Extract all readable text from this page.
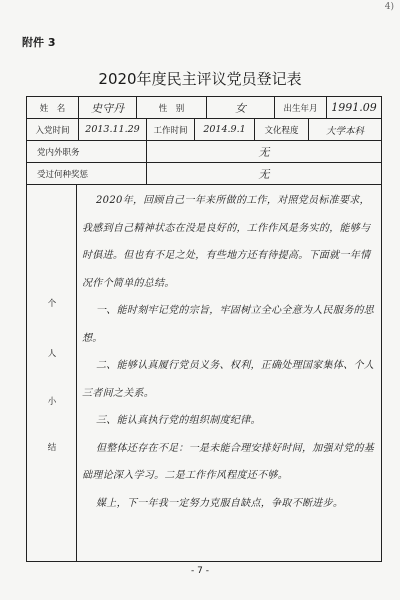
4)
附件 3
2020年度民主评议党员登记表
姓　名	史守丹	性　别	女	出生年月	1991.09
入党时间	2013.11.29	工作时间	2014.9.1	文化程度	大学本科
党内外职务	无
受过何种奖惩	无
个
人
小
结

2020年，回顾自己一年来所做的工作，对照党员标准要求，我感到自己精神状态在没是良好的，工作作风是务实的，能够与时俱进。但也有不足之处，有些地方还有待提高。下面就一年情况作个简单的总结。

一、能时刻牢记党的宗旨，牢固树立全心全意为人民服务的思想。

二、能够认真履行党员义务、权利，正确处理国家集体、个人三者间之关系。

三、能认真执行党的组织制度纪律。

但整体还存在不足：一是未能合理安排好时间，加强对党的基础理论深入学习。二是工作作风程度还不够。

媒上，下一年我一定努力克服自缺点，争取不断进步。

- 7 -
